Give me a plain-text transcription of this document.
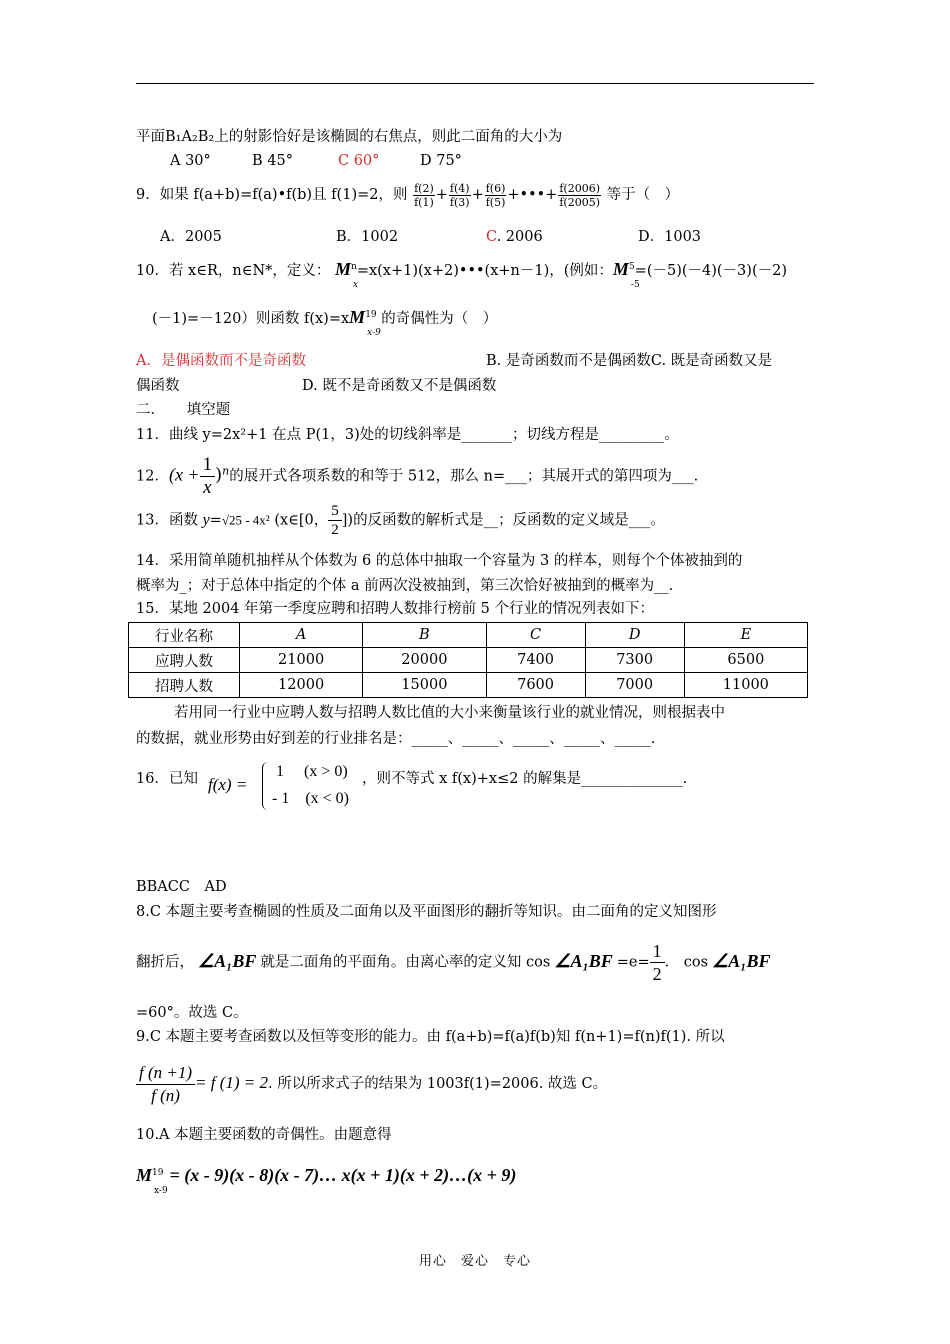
平面B₁A₂B₂上的射影恰好是该椭圆的右焦点，则此二面角的大小为
A 30°	B 45°	C 60°	D 75°
9．如果 f(a+b)=f(a)•f(b)且 f(1)=2，则 $\frac{f(2)}{f(1)} + \frac{f(4)}{f(3)} + \frac{f(6)}{f(5)}$ +•••+ $\frac{f(2006)}{f(2005)}$ 等于（　）
A．2005	B．1002	C. 2006	D．1003
10．若 x∈R，n∈N*，定义： $M^n$
x
=x(x+1)(x+2)•••(x+n－1)，(例如：$M^5$
-5
=(－5)(－4)(－3)(－2)
(－1)=－120）则函数 $f(x)=xM^{19}$
x-9
的奇偶性为（　）
A．是偶函数而不是奇函数	B. 是奇函数而不是偶函数C. 既是奇函数又是
偶函数	D. 既不是奇函数又不是偶函数
二．　　填空题
11．曲线 y=2x²+1 在点 P(1，3)处的切线斜率是_______；切线方程是_________。
12．$(x + \frac{1}{x} )^n$的展开式各项系数的和等于 512，那么 n=___；其展开式的第四项为___.
13．函数 y=√25 - 4x² (x∈[0， $\frac{5}{2}$ ])的反函数的解析式是__；反函数的定义域是___。
14．采用简单随机抽样从个体数为 6 的总体中抽取一个容量为 3 的样本，则每个个体被抽到的
概率为_；对于总体中指定的个体 a 前两次没被抽到，第三次恰好被抽到的概率为__.
15．某地 2004 年第一季度应聘和招聘人数排行榜前 5 个行业的情况列表如下：
行业名称	A	B	C	D	E
应聘人数	21000	20000	7400	7300	6500
招聘人数	12000	15000	7600	7000	11000
若用同一行业中应聘人数与招聘人数比值的大小来衡量该行业的就业情况，则根据表中
的数据，就业形势由好到差的行业排名是：_____、_____、_____、_____、_____.
16．已知 f(x) =
1　 (x > 0)
- 1　(x < 0)
，则不等式 x f(x)+x≤2 的解集是______________.
BBACC　AD
8.C 本题主要考查椭圆的性质及二面角以及平面图形的翻折等知识。由二面角的定义知图形
翻折后， ∠A₁BF 就是二面角的平面角。由离心率的定义知 cos ∠A₁BF $=e= \frac{1}{2}$ .　cos ∠A₁BF
=60°。故选 C。
9.C 本题主要考查函数以及恒等变形的能力。由 f(a+b)=f(a)f(b)知 f(n+1)=f(n)f(1). 所以
$\frac{f (n +1)}{f (n)} = f$ (1) = 2. 所以所求式子的结果为 1003f(1)=2006. 故选 C。
10.A 本题主要函数的奇偶性。由题意得
$M^{19}$
x-9
= (x - 9)(x - 8)(x - 7)… x(x + 1)(x + 2)…(x + 9)
用心　爱心　专心
